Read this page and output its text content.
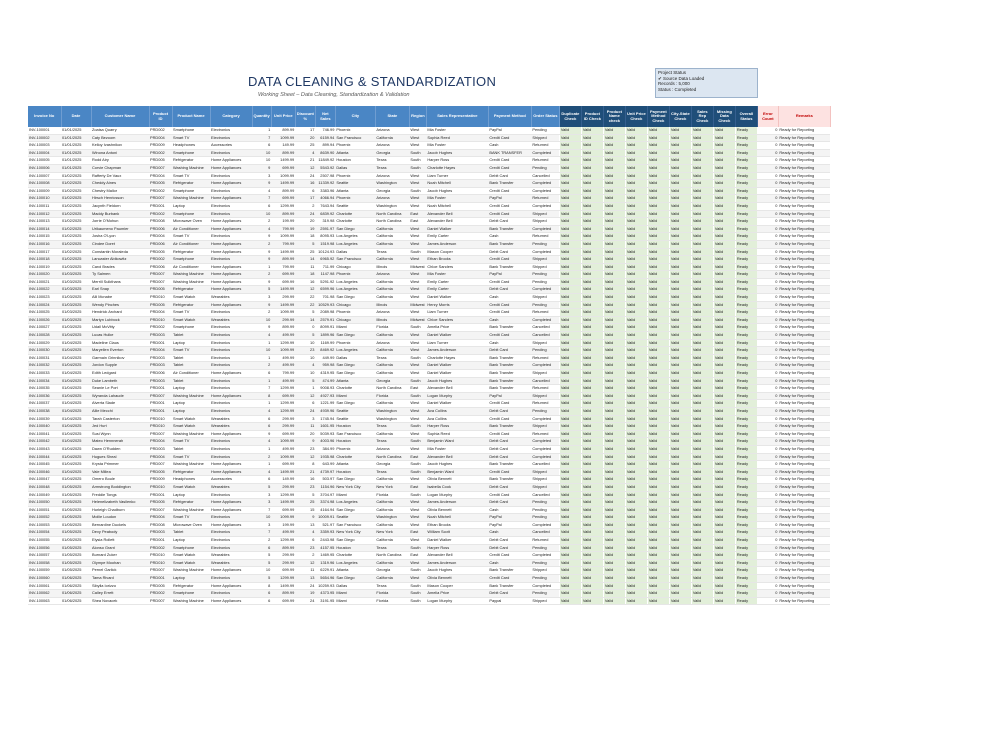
DATA CLEANING & STANDARDIZATION
Working Sheet – Data Cleaning, Standardization & Validation
Project Status
✔ Source Data Loaded
Records : 5,000
Status : Completed
Invoice No	Date	Customer Name	Product ID	Product Name	Category	Quantity	Unit Price	Discount %	Net Sales	City	State	Region	Sales Representative	Payment Method	Order Status	Duplicate Check	Product ID Check	Product Name check	Unit Price Check	Payment Method Check	City-State Check	Sales Rep Check	Missing Data Check	Overall Status	Error Count	Remarks
INV-100001	01/01/2025	Zoaisa Quarry	PRD002	Smartphone	Electronics	1	899.99	17	746.99	Phoenix	Arizona	West	Mia Foster	PayPal	Pending	Valid	Valid	Valid	Valid	Valid	Valid	Valid	Valid	Ready	0	Ready for Reporting
INV-100002	01/01/2025	Caty Bezoom	PRD004	Smart TV	Electronics	7	1099.99	20	6159.94	San Francisco	California	West	Sophia Reed	Credit Card	Shipped	Valid	Valid	Valid	Valid	Valid	Valid	Valid	Valid	Ready	0	Ready for Reporting
INV-100003	01/01/2025	Kelloy Ivashnikov	PRD009	Headphones	Accessories	6	149.99	25	899.94	Phoenix	Arizona	West	Mia Foster	Cash	Returned	Valid	Valid	Valid	Valid	Valid	Valid	Valid	Valid	Ready	0	Ready for Reporting
INV-100004	01/01/2025	Winona Antoni	PRD002	Smartphone	Electronics	10	899.99	4	8639.90	Atlanta	Georgia	South	Jacob Hughes	BANK TRANSFER	Completed	Valid	Valid	Valid	Valid	Valid	Valid	Valid	Valid	Ready	0	Ready for Reporting
INV-100005	01/01/2025	Rodd Airy	PRD005	Refrigerator	Home Appliances	10	1499.99	21	11849.92	Houston	Texas	South	Harper Ross	Credit Card	Returned	Valid	Valid	Valid	Valid	Valid	Valid	Valid	Valid	Ready	0	Ready for Reporting
INV-100006	01/01/2025	Corvie Chapman	PRD007	Washing Machine	Home Appliances	9	699.99	12	5543.92	Dallas	Texas	South	Charlotte Hayes	Credit Card	Pending	Valid	Valid	Valid	Valid	Valid	Valid	Valid	Valid	Ready	0	Ready for Reporting
INV-100007	01/02/2025	Rafferty De Vaux	PRD004	Smart TV	Electronics	3	1099.99	24	2507.98	Phoenix	Arizona	West	Liam Turner	Debit Card	Cancelled	Valid	Valid	Valid	Valid	Valid	Valid	Valid	Valid	Ready	0	Ready for Reporting
INV-100008	01/02/2025	Cheddy Aines	PRD005	Refrigerator	Home Appliances	9	1499.99	16	11339.92	Seattle	Washington	West	Noah Mitchell	Bank Transfer	Completed	Valid	Valid	Valid	Valid	Valid	Valid	Valid	Valid	Ready	0	Ready for Reporting
INV-100009	01/02/2025	Chestry Mallor	PRD002	Smartphone	Electronics	4	899.99	6	3383.96	Atlanta	Georgia	South	Jacob Hughes	Credit Card	Completed	Valid	Valid	Valid	Valid	Valid	Valid	Valid	Valid	Ready	0	Ready for Reporting
INV-100010	01/02/2025	Hirsch Henricsson	PRD007	Washing Machine	Home Appliances	7	699.99	17	4066.94	Phoenix	Arizona	West	Mia Foster	PayPal	Returned	Valid	Valid	Valid	Valid	Valid	Valid	Valid	Valid	Ready	0	Ready for Reporting
INV-100011	01/02/2025	Jacynth Fieldorn	PRD001	Laptop	Electronics	6	1299.99	2	7643.94	Seattle	Washington	West	Noah Mitchell	Credit Card	Completed	Valid	Valid	Valid	Valid	Valid	Valid	Valid	Valid	Ready	0	Ready for Reporting
INV-100012	01/02/2025	Maddy Burbank	PRD002	Smartphone	Electronics	10	899.99	24	6839.92	Charlotte	North Carolina	East	Alexander Bell	Credit Card	Shipped	Valid	Valid	Valid	Valid	Valid	Valid	Valid	Valid	Ready	0	Ready for Reporting
INV-100013	01/02/2025	Jorrie O'Mohun	PRD008	Microwave Oven	Home Appliances	2	199.99	20	319.98	Charlotte	North Carolina	East	Alexander Bell	Debit Card	Shipped	Valid	Valid	Valid	Valid	Valid	Valid	Valid	Valid	Ready	0	Ready for Reporting
INV-100014	01/02/2025	Urikaumeno Paumier	PRD006	Air Conditioner	Home Appliances	4	799.99	19	2591.97	San Diego	California	West	Daniel Walker	Bank Transfer	Completed	Valid	Valid	Valid	Valid	Valid	Valid	Valid	Valid	Ready	0	Ready for Reporting
INV-100015	01/02/2025	Josha O'Lyon	PRD004	Smart TV	Electronics	9	1099.99	18	8095.93	Los Angeles	California	West	Emily Carter	Cash	Returned	Valid	Valid	Valid	Valid	Valid	Valid	Valid	Valid	Ready	0	Ready for Reporting
INV-100016	01/02/2025	Cindee Doret	PRD006	Air Conditioner	Home Appliances	2	799.99	5	1519.98	Los Angeles	California	West	James Anderson	Bank Transfer	Pending	Valid	Valid	Valid	Valid	Valid	Valid	Valid	Valid	Ready	0	Ready for Reporting
INV-100017	01/02/2025	Constantin Moraleda	PRD005	Refrigerator	Home Appliances	9	1499.99	25	10124.93	Dallas	Texas	South	Mason Cooper	Debit Card	Completed	Valid	Valid	Valid	Valid	Valid	Valid	Valid	Valid	Ready	0	Ready for Reporting
INV-100018	01/02/2025	Lancaster Abikowitz	PRD002	Smartphone	Electronics	9	899.99	14	6965.92	San Francisco	California	West	Ethan Brooks	Credit Card	Shipped	Valid	Valid	Valid	Valid	Valid	Valid	Valid	Valid	Ready	0	Ready for Reporting
INV-100019	01/03/2025	Carol Brades	PRD006	Air Conditioner	Home Appliances	1	799.99	11	711.99	Chicago	Illinois	Midwest	Chloe Sanders	Bank Transfer	Shipped	Valid	Valid	Valid	Valid	Valid	Valid	Valid	Valid	Ready	0	Ready for Reporting
INV-100020	01/03/2025	Ty Salmen	PRD007	Washing Machine	Home Appliances	2	699.99	18	1147.98	Phoenix	Arizona	West	Mia Foster	PayPal	Pending	Valid	Valid	Valid	Valid	Valid	Valid	Valid	Valid	Ready	0	Ready for Reporting
INV-100021	01/03/2025	Merrill Sulkthans	PRD007	Washing Machine	Home Appliances	9	699.99	16	5291.92	Los Angeles	California	West	Emily Carter	Credit Card	Pending	Valid	Valid	Valid	Valid	Valid	Valid	Valid	Valid	Ready	0	Ready for Reporting
INV-100022	01/03/2025	Earl Snap	PRD005	Refrigerator	Home Appliances	5	1499.99	12	6599.96	Los Angeles	California	West	Emily Carter	Debit Card	Completed	Valid	Valid	Valid	Valid	Valid	Valid	Valid	Valid	Ready	0	Ready for Reporting
INV-100023	01/03/2025	Alli Mcnabe	PRD010	Smart Watch	Wearables	3	299.99	22	701.98	San Diego	California	West	Daniel Walker	Cash	Shipped	Valid	Valid	Valid	Valid	Valid	Valid	Valid	Valid	Ready	0	Ready for Reporting
INV-100024	01/03/2025	Wendy Pinches	PRD005	Refrigerator	Home Appliances	9	1499.99	22	10529.93	Chicago	Illinois	Midwest	Henry Morris	Credit Card	Pending	Valid	Valid	Valid	Valid	Valid	Valid	Valid	Valid	Ready	0	Ready for Reporting
INV-100025	01/03/2025	Hendrick Archard	PRD004	Smart TV	Electronics	2	1099.99	5	2089.98	Phoenix	Arizona	West	Liam Turner	Credit Card	Returned	Valid	Valid	Valid	Valid	Valid	Valid	Valid	Valid	Ready	0	Ready for Reporting
INV-100026	01/03/2025	Martyn Lubbock	PRD010	Smart Watch	Wearables	10	299.99	14	2579.91	Chicago	Illinois	Midwest	Chloe Sanders	Cash	Completed	Valid	Valid	Valid	Valid	Valid	Valid	Valid	Valid	Ready	0	Ready for Reporting
INV-100027	01/03/2025	Udall McVitty	PRD002	Smartphone	Electronics	9	899.99	0	8099.91	Miami	Florida	South	Amelia Price	Bank Transfer	Cancelled	Valid	Valid	Valid	Valid	Valid	Valid	Valid	Valid	Ready	0	Ready for Reporting
INV-100028	01/04/2025	Lucas Hulke	PRD003	Tablet	Electronics	4	499.99	5	1899.96	San Diego	California	West	Daniel Walker	Credit Card	Cancelled	Valid	Valid	Valid	Valid	Valid	Valid	Valid	Valid	Ready	0	Ready for Reporting
INV-100029	01/04/2025	Madeline Claus	PRD001	Laptop	Electronics	1	1299.99	10	1169.99	Phoenix	Arizona	West	Liam Turner	Cash	Shipped	Valid	Valid	Valid	Valid	Valid	Valid	Valid	Valid	Ready	0	Ready for Reporting
INV-100030	01/04/2025	Maryellen Everton	PRD004	Smart TV	Electronics	10	1099.99	23	8469.92	Los Angeles	California	West	James Anderson	Debit Card	Pending	Valid	Valid	Valid	Valid	Valid	Valid	Valid	Valid	Ready	0	Ready for Reporting
INV-100031	01/04/2025	Garmain Grinnikov	PRD003	Tablet	Electronics	1	499.99	10	449.99	Dallas	Texas	South	Charlotte Hayes	Bank Transfer	Returned	Valid	Valid	Valid	Valid	Valid	Valid	Valid	Valid	Ready	0	Ready for Reporting
INV-100032	01/04/2025	Jordon Supple	PRD003	Tablet	Electronics	2	499.99	4	959.98	San Diego	California	West	Daniel Walker	Bank Transfer	Completed	Valid	Valid	Valid	Valid	Valid	Valid	Valid	Valid	Ready	0	Ready for Reporting
INV-100033	01/04/2025	Edith Ledgard	PRD006	Air Conditioner	Home Appliances	6	799.99	10	4319.95	San Diego	California	West	Daniel Walker	Bank Transfer	Shipped	Valid	Valid	Valid	Valid	Valid	Valid	Valid	Valid	Ready	0	Ready for Reporting
INV-100034	01/04/2025	Duke Lambeth	PRD003	Tablet	Electronics	1	499.99	5	474.99	Atlanta	Georgia	South	Jacob Hughes	Bank Transfer	Cancelled	Valid	Valid	Valid	Valid	Valid	Valid	Valid	Valid	Ready	0	Ready for Reporting
INV-100035	01/04/2025	Seanie Le Port	PRD001	Laptop	Electronics	7	1299.99	1	9008.93	Charlotte	North Carolina	East	Alexander Bell	Bank Transfer	Returned	Valid	Valid	Valid	Valid	Valid	Valid	Valid	Valid	Ready	0	Ready for Reporting
INV-100036	01/04/2025	Wyranda Lahaude	PRD007	Washing Machine	Home Appliances	8	699.99	12	4927.93	Miami	Florida	South	Logan Murphy	PayPal	Shipped	Valid	Valid	Valid	Valid	Valid	Valid	Valid	Valid	Ready	0	Ready for Reporting
INV-100037	01/04/2025	Alverta Slade	PRD001	Laptop	Electronics	1	1299.99	6	1221.99	San Diego	California	West	Daniel Walker	Credit Card	Returned	Valid	Valid	Valid	Valid	Valid	Valid	Valid	Valid	Ready	0	Ready for Reporting
INV-100038	01/04/2025	Allie Mecchi	PRD001	Laptop	Electronics	4	1299.99	24	4939.96	Seattle	Washington	West	Ava Collins	Debit Card	Pending	Valid	Valid	Valid	Valid	Valid	Valid	Valid	Valid	Ready	0	Ready for Reporting
INV-100039	01/04/2025	Tarah Casterton	PRD010	Smart Watch	Wearables	6	299.99	3	1745.94	Seattle	Washington	West	Ava Collins	Credit Card	Completed	Valid	Valid	Valid	Valid	Valid	Valid	Valid	Valid	Ready	0	Ready for Reporting
INV-100040	01/04/2025	Jed Hurt	PRD010	Smart Watch	Wearables	6	299.99	11	1601.95	Houston	Texas	South	Harper Ross	Bank Transfer	Shipped	Valid	Valid	Valid	Valid	Valid	Valid	Valid	Valid	Ready	0	Ready for Reporting
INV-100041	01/04/2025	Susi Wynn	PRD007	Washing Machine	Home Appliances	9	699.99	20	5039.93	San Francisco	California	West	Sophia Reed	Credit Card	Returned	Valid	Valid	Valid	Valid	Valid	Valid	Valid	Valid	Ready	0	Ready for Reporting
INV-100042	01/04/2025	Mateo Hennnerah	PRD004	Smart TV	Electronics	4	1099.99	9	4003.96	Houston	Texas	South	Benjamin Ward	Debit Card	Completed	Valid	Valid	Valid	Valid	Valid	Valid	Valid	Valid	Ready	0	Ready for Reporting
INV-100043	01/04/2025	Dawn O'Rudden	PRD003	Tablet	Electronics	1	499.99	23	384.99	Phoenix	Arizona	West	Mia Foster	Debit Card	Completed	Valid	Valid	Valid	Valid	Valid	Valid	Valid	Valid	Ready	0	Ready for Reporting
INV-100044	01/04/2025	Hugues Sheal	PRD004	Smart TV	Electronics	2	1099.99	12	1935.98	Charlotte	North Carolina	East	Alexander Bell	Debit Card	Completed	Valid	Valid	Valid	Valid	Valid	Valid	Valid	Valid	Ready	0	Ready for Reporting
INV-100045	01/04/2025	Krysta Primmer	PRD007	Washing Machine	Home Appliances	1	699.99	8	643.99	Atlanta	Georgia	South	Jacob Hughes	Bank Transfer	Cancelled	Valid	Valid	Valid	Valid	Valid	Valid	Valid	Valid	Ready	0	Ready for Reporting
INV-100046	01/04/2025	Vale Millea	PRD005	Refrigerator	Home Appliances	4	1499.99	21	4739.97	Houston	Texas	South	Benjamin Ward	Credit Card	Shipped	Valid	Valid	Valid	Valid	Valid	Valid	Valid	Valid	Ready	0	Ready for Reporting
INV-100047	01/04/2025	Omero Boule	PRD009	Headphones	Accessories	6	149.99	16	503.97	San Diego	California	West	Olivia Bennett	Bank Transfer	Shipped	Valid	Valid	Valid	Valid	Valid	Valid	Valid	Valid	Ready	0	Ready for Reporting
INV-100048	01/05/2025	Armstrong Boddington	PRD010	Smart Watch	Wearables	5	299.99	23	1154.96	New York City	New York	East	Isabella Cook	Debit Card	Shipped	Valid	Valid	Valid	Valid	Valid	Valid	Valid	Valid	Ready	0	Ready for Reporting
INV-100049	01/05/2025	Freddie Tongs	PRD001	Laptop	Electronics	3	1299.99	5	3704.97	Miami	Florida	South	Logan Murphy	Credit Card	Cancelled	Valid	Valid	Valid	Valid	Valid	Valid	Valid	Valid	Ready	0	Ready for Reporting
INV-100050	01/05/2025	Helenelizabeth Vasilenko	PRD005	Refrigerator	Home Appliances	3	1499.99	25	3374.98	Los Angeles	California	West	James Anderson	Debit Card	Pending	Valid	Valid	Valid	Valid	Valid	Valid	Valid	Valid	Ready	0	Ready for Reporting
INV-100051	01/05/2025	Hurleigh Chadburn	PRD007	Washing Machine	Home Appliances	7	699.99	15	4164.94	San Diego	California	West	Olivia Bennett	Cash	Pending	Valid	Valid	Valid	Valid	Valid	Valid	Valid	Valid	Ready	0	Ready for Reporting
INV-100052	01/05/2025	Mollie Loudon	PRD004	Smart TV	Electronics	10	1099.99	9	10009.91	Seattle	Washington	West	Noah Mitchell	PayPal	Pending	Valid	Valid	Valid	Valid	Valid	Valid	Valid	Valid	Ready	0	Ready for Reporting
INV-100053	01/05/2025	Bernardine Duckels	PRD008	Microwave Oven	Home Appliances	3	199.99	13	521.97	San Francisco	California	West	Ethan Brooks	PayPal	Completed	Valid	Valid	Valid	Valid	Valid	Valid	Valid	Valid	Ready	0	Ready for Reporting
INV-100054	01/05/2025	Devy Peabody	PRD003	Tablet	Electronics	7	499.99	4	3359.93	New York City	New York	East	William Scott	Cash	Cancelled	Valid	Valid	Valid	Valid	Valid	Valid	Valid	Valid	Ready	0	Ready for Reporting
INV-100055	01/05/2025	Elysia Rollett	PRD001	Laptop	Electronics	2	1299.99	6	2443.98	San Diego	California	West	Daniel Walker	Debit Card	Returned	Valid	Valid	Valid	Valid	Valid	Valid	Valid	Valid	Ready	0	Ready for Reporting
INV-100056	01/05/2025	Alonso Grant	PRD002	Smartphone	Electronics	6	899.99	23	4157.95	Houston	Texas	South	Harper Ross	Debit Card	Pending	Valid	Valid	Valid	Valid	Valid	Valid	Valid	Valid	Ready	0	Ready for Reporting
INV-100057	01/05/2025	Burnard Zuker	PRD010	Smart Watch	Wearables	5	299.99	2	1469.95	Charlotte	North Carolina	East	Alexander Bell	Credit Card	Completed	Valid	Valid	Valid	Valid	Valid	Valid	Valid	Valid	Ready	0	Ready for Reporting
INV-100058	01/05/2025	Olympe Moohan	PRD010	Smart Watch	Wearables	5	299.99	12	1319.96	Los Angeles	California	West	James Anderson	Cash	Pending	Valid	Valid	Valid	Valid	Valid	Valid	Valid	Valid	Ready	0	Ready for Reporting
INV-100059	01/05/2025	Pernel Garlick	PRD007	Washing Machine	Home Appliances	10	699.99	11	6229.91	Atlanta	Georgia	South	Jacob Hughes	Bank Transfer	Shipped	Valid	Valid	Valid	Valid	Valid	Valid	Valid	Valid	Ready	0	Ready for Reporting
INV-100060	01/06/2025	Tama Rivard	PRD001	Laptop	Electronics	5	1299.99	13	5654.96	San Diego	California	West	Olivia Bennett	Credit Card	Pending	Valid	Valid	Valid	Valid	Valid	Valid	Valid	Valid	Ready	0	Ready for Reporting
INV-100061	01/06/2025	Sibylla Iorizzo	PRD005	Refrigerator	Home Appliances	8	1499.99	24	10259.93	Dallas	Texas	South	Mason Cooper	Bank Transfer	Completed	Valid	Valid	Valid	Valid	Valid	Valid	Valid	Valid	Ready	0	Ready for Reporting
INV-100062	01/06/2025	Calley Errett	PRD002	Smartphone	Electronics	6	899.99	19	4373.95	Miami	Florida	South	Amelia Price	Debit Card	Pending	Valid	Valid	Valid	Valid	Valid	Valid	Valid	Valid	Ready	0	Ready for Reporting
INV-100063	01/06/2025	Shea Novacek	PRD007	Washing Machine	Home Appliances	6	699.99	24	3191.95	Miami	Florida	South	Logan Murphy	Paypal	Shipped	Valid	Valid	Valid	Valid	Valid	Valid	Valid	Valid	Ready	0	Ready for Reporting
